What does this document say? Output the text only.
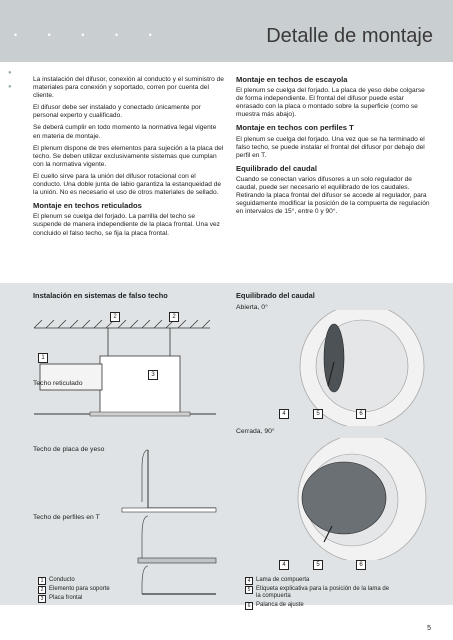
• • • • •	Detalle de montaje
●
●

La instalación del difusor, conexión al conducto y el suministro de materiales para conexión y soportado, corren por cuenta del cliente.

El difusor debe ser instalado y conectado únicamente por personal experto y cualificado.

Se deberá cumplir en todo momento la normativa legal vigente en materia de montaje.

El plenum dispone de tres elementos para sujeción a la placa del techo. Se deben utilizar exclusivamente sistemas que cumplan con la normativa vigente.

El cuello sirve para la unión del difusor rotacional con el conducto. Una doble junta de labio garantiza la estanqueidad de la unión. No es necesario el uso de otros materiales de sellado.

Montaje en techos reticulados

El plenum se cuelga del forjado. La parrilla del techo se suspende de manera independiente de la placa frontal. Una vez concluido el falso techo, se fija la placa frontal.

Montaje en techos de escayola

El plenum se cuelga del forjado. La placa de yeso debe colgarse de forma independiente. El frontal del difusor puede estar enrasado con la placa o montado sobre la superficie (como se muestra más abajo).

Montaje en techos con perfiles T

El plenum se cuelga del forjado. Una vez que se ha terminado el falso techo, se puede instalar el frontal del difusor por debajo del perfil en T.

Equilibrado del caudal

Cuando se conectan varios difusores a un solo regulador de caudal, puede ser necesario el equilibrado de los caudales. Retirando la placa frontal del difusor se accede al regulador, para seguidamente modificar la posición de la compuerta de regulación en intervalos de 15°, entre 0 y 90°.

Instalación en sistemas de falso techo	Equilibrado del caudal
Abierta, 0°
1
2	2
3
Techo reticulado
Techo de placa de yeso
Techo de perfiles en T
4	5	6
Cerrada, 90°
4	5	6
1 Conducto
2 Elemento para soporte
3 Placa frontal
4 Lama de compuerta
5 Etiqueta explicativa para la posición de la lama de la compuerta
6 Palanca de ajuste
5
